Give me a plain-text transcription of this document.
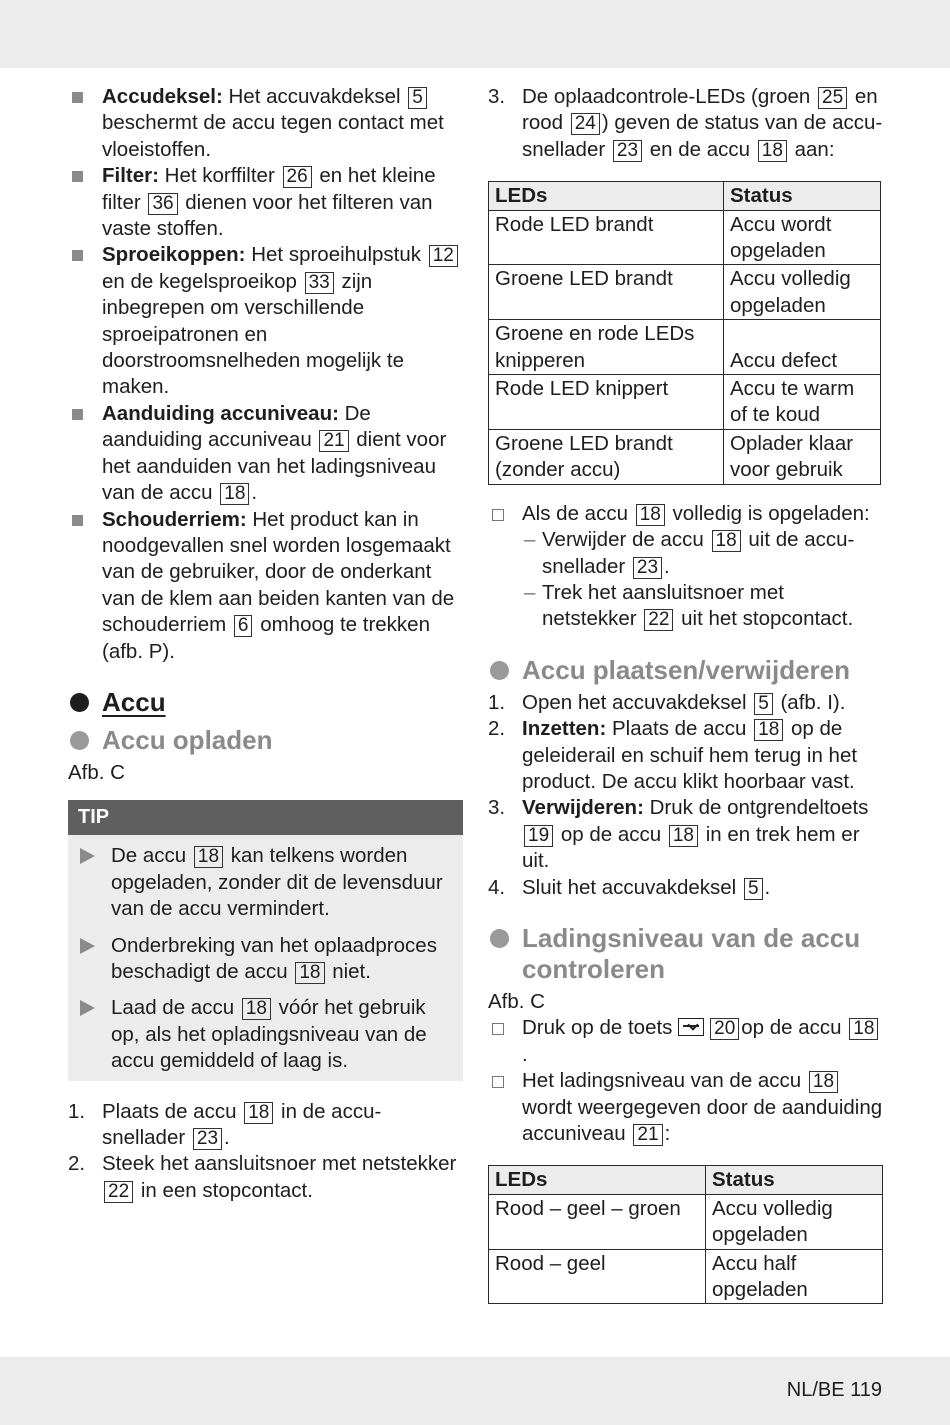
Accudeksel: Het accuvakdeksel 5 beschermt de accu tegen contact met vloeistoffen.
Filter: Het korffilter 26 en het kleine filter 36 dienen voor het filteren van vaste stoffen.
Sproeikoppen: Het sproeihulpstuk 12 en de kegelsproeikop 33 zijn inbegrepen om verschillende sproeipatronen en doorstroomsnelheden mogelijk te maken.
Aanduiding accuniveau: De aanduiding accuniveau 21 dient voor het aanduiden van het ladingsniveau van de accu 18 .
Schouderriem: Het product kan in noodgevallen snel worden losgemaakt van de gebruiker, door de onderkant van de klem aan beiden kanten van de schouderriem 6 omhoog te trekken (afb. P).
Accu
Accu opladen
Afb. C
TIP
De accu 18 kan telkens worden opgeladen, zonder dit de levensduur van de accu vermindert.
Onderbreking van het oplaadproces beschadigt de accu 18 niet.
Laad de accu 18 vóór het gebruik op, als het opladingsniveau van de accu gemiddeld of laag is.
1. Plaats de accu 18 in de accu-snellader 23 .
2. Steek het aansluitsnoer met netstekker 22 in een stopcontact.
3. De oplaadcontrole-LEDs (groen 25 en rood 24 ) geven de status van de accu-snellader 23 en de accu 18 aan:
LEDs	Status
Rode LED brandt	Accu wordt opgeladen
Groene LED brandt	Accu volledig opgeladen
Groene en rode LEDs knipperen	Accu defect
Rode LED knippert	Accu te warm of te koud
Groene LED brandt (zonder accu)	Oplader klaar voor gebruik
Als de accu 18 volledig is opgeladen:
– Verwijder de accu 18 uit de accu-snellader 23 .
– Trek het aansluitsnoer met netstekker 22 uit het stopcontact.
Accu plaatsen/verwijderen
1. Open het accuvakdeksel 5 (afb. I).
2. Inzetten: Plaats de accu 18 op de geleiderail en schuif hem terug in het product. De accu klikt hoorbaar vast.
3. Verwijderen: Druk de ontgrendeltoets 19 op de accu 18 in en trek hem er uit.
4. Sluit het accuvakdeksel 5 .
Ladingsniveau van de accu controleren
Afb. C
Druk op de toets 20 op de accu 18.
Het ladingsniveau van de accu 18 wordt weergegeven door de aanduiding accuniveau 21 :
LEDs	Status
Rood – geel – groen	Accu volledig opgeladen
Rood – geel	Accu half opgeladen
NL/BE 119
